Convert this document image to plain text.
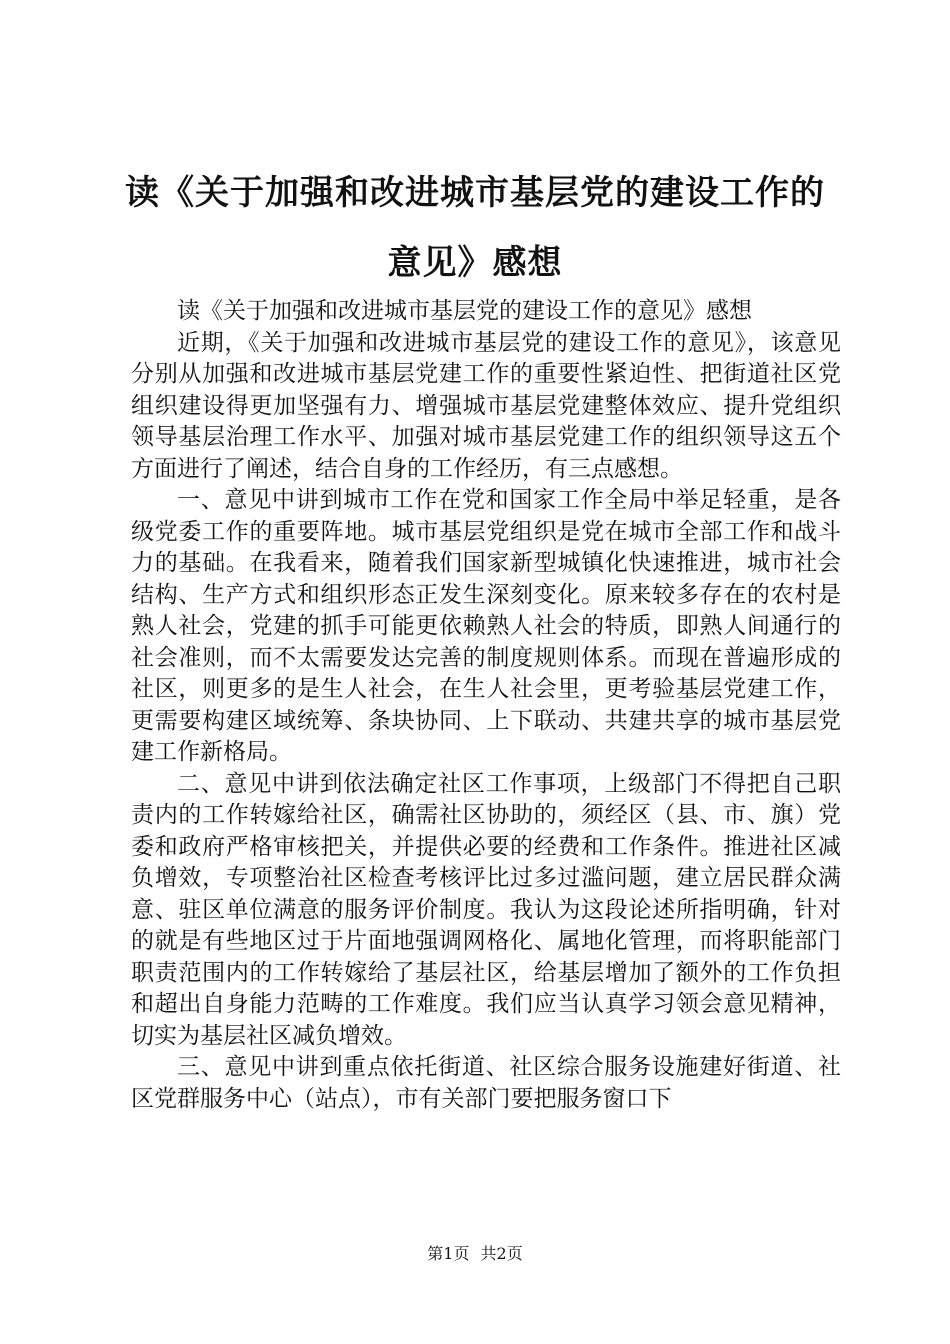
读《关于加强和改进城市基层党的建设工作的
意见》感想

读《关于加强和改进城市基层党的建设工作的意见》感想

近期，《关于加强和改进城市基层党的建设工作的意见》，该意见分别从加强和改进城市基层党建工作的重要性紧迫性、把街道社区党组织建设得更加坚强有力、增强城市基层党建整体效应、提升党组织领导基层治理工作水平、加强对城市基层党建工作的组织领导这五个方面进行了阐述，结合自身的工作经历，有三点感想。

一、意见中讲到城市工作在党和国家工作全局中举足轻重，是各级党委工作的重要阵地。城市基层党组织是党在城市全部工作和战斗力的基础。在我看来，随着我们国家新型城镇化快速推进，城市社会结构、生产方式和组织形态正发生深刻变化。原来较多存在的农村是熟人社会，党建的抓手可能更依赖熟人社会的特质，即熟人间通行的社会准则，而不太需要发达完善的制度规则体系。而现在普遍形成的社区，则更多的是生人社会，在生人社会里，更考验基层党建工作，更需要构建区域统筹、条块协同、上下联动、共建共享的城市基层党建工作新格局。

二、意见中讲到依法确定社区工作事项，上级部门不得把自己职责内的工作转嫁给社区，确需社区协助的，须经区（县、市、旗）党委和政府严格审核把关，并提供必要的经费和工作条件。推进社区减负增效，专项整治社区检查考核评比过多过滥问题，建立居民群众满意、驻区单位满意的服务评价制度。我认为这段论述所指明确，针对的就是有些地区过于片面地强调网格化、属地化管理，而将职能部门职责范围内的工作转嫁给了基层社区，给基层增加了额外的工作负担和超出自身能力范畴的工作难度。我们应当认真学习领会意见精神，切实为基层社区减负增效。

三、意见中讲到重点依托街道、社区综合服务设施建好街道、社区党群服务中心（站点），市有关部门要把服务窗口下

第1页 共2页
